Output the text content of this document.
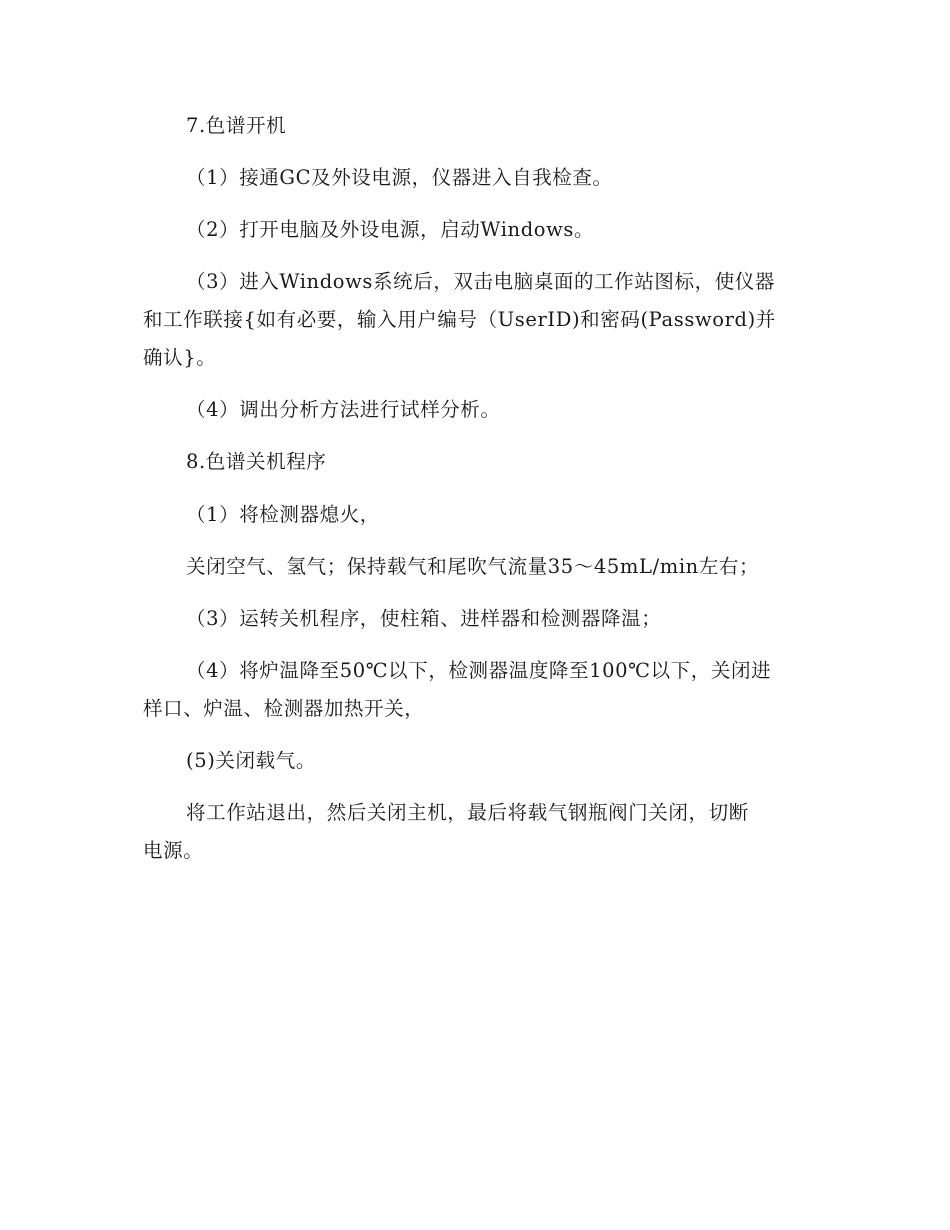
7.色谱开机
（1）接通GC及外设电源，仪器进入自我检查。
（2）打开电脑及外设电源，启动Windows。
（3）进入Windows系统后，双击电脑桌面的工作站图标，使仪器
和工作联接{如有必要，输入用户编号（UserID)和密码(Password)并
确认}。
（4）调出分析方法进行试样分析。
8.色谱关机程序
（1）将检测器熄火，
关闭空气、氢气；保持载气和尾吹气流量35～45mL/min左右；
（3）运转关机程序，使柱箱、进样器和检测器降温；
（4）将炉温降至50℃以下，检测器温度降至100℃以下，关闭进
样口、炉温、检测器加热开关，
(5)关闭载气。
将工作站退出，然后关闭主机，最后将载气钢瓶阀门关闭，切断
电源。
